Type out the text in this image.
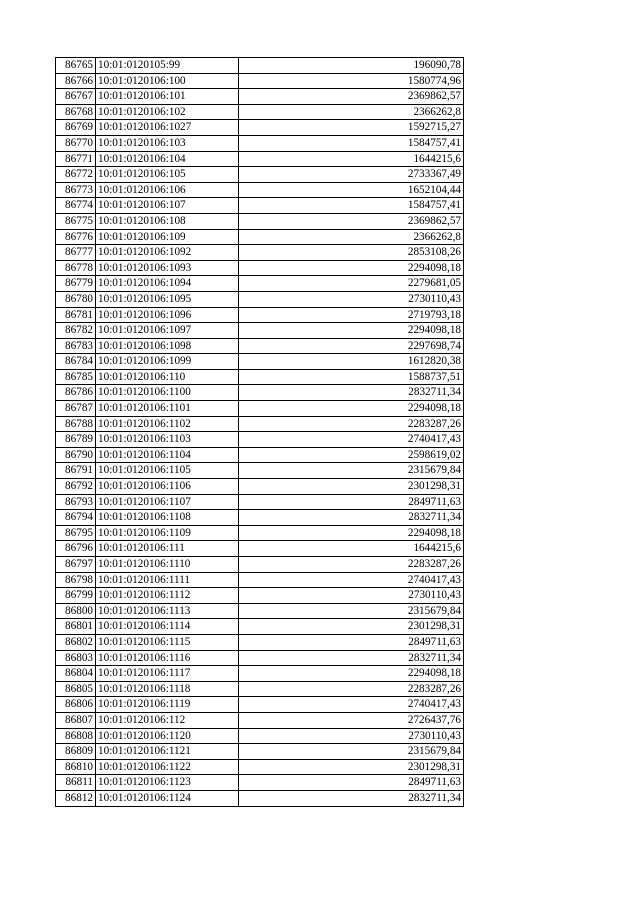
86765	10:01:0120105:99	196090,78
86766	10:01:0120106:100	1580774,96
86767	10:01:0120106:101	2369862,57
86768	10:01:0120106:102	2366262,8
86769	10:01:0120106:1027	1592715,27
86770	10:01:0120106:103	1584757,41
86771	10:01:0120106:104	1644215,6
86772	10:01:0120106:105	2733367,49
86773	10:01:0120106:106	1652104,44
86774	10:01:0120106:107	1584757,41
86775	10:01:0120106:108	2369862,57
86776	10:01:0120106:109	2366262,8
86777	10:01:0120106:1092	2853108,26
86778	10:01:0120106:1093	2294098,18
86779	10:01:0120106:1094	2279681,05
86780	10:01:0120106:1095	2730110,43
86781	10:01:0120106:1096	2719793,18
86782	10:01:0120106:1097	2294098,18
86783	10:01:0120106:1098	2297698,74
86784	10:01:0120106:1099	1612820,38
86785	10:01:0120106:110	1588737,51
86786	10:01:0120106:1100	2832711,34
86787	10:01:0120106:1101	2294098,18
86788	10:01:0120106:1102	2283287,26
86789	10:01:0120106:1103	2740417,43
86790	10:01:0120106:1104	2598619,02
86791	10:01:0120106:1105	2315679,84
86792	10:01:0120106:1106	2301298,31
86793	10:01:0120106:1107	2849711,63
86794	10:01:0120106:1108	2832711,34
86795	10:01:0120106:1109	2294098,18
86796	10:01:0120106:111	1644215,6
86797	10:01:0120106:1110	2283287,26
86798	10:01:0120106:1111	2740417,43
86799	10:01:0120106:1112	2730110,43
86800	10:01:0120106:1113	2315679,84
86801	10:01:0120106:1114	2301298,31
86802	10:01:0120106:1115	2849711,63
86803	10:01:0120106:1116	2832711,34
86804	10:01:0120106:1117	2294098,18
86805	10:01:0120106:1118	2283287,26
86806	10:01:0120106:1119	2740417,43
86807	10:01:0120106:112	2726437,76
86808	10:01:0120106:1120	2730110,43
86809	10:01:0120106:1121	2315679,84
86810	10:01:0120106:1122	2301298,31
86811	10:01:0120106:1123	2849711,63
86812	10:01:0120106:1124	2832711,34
